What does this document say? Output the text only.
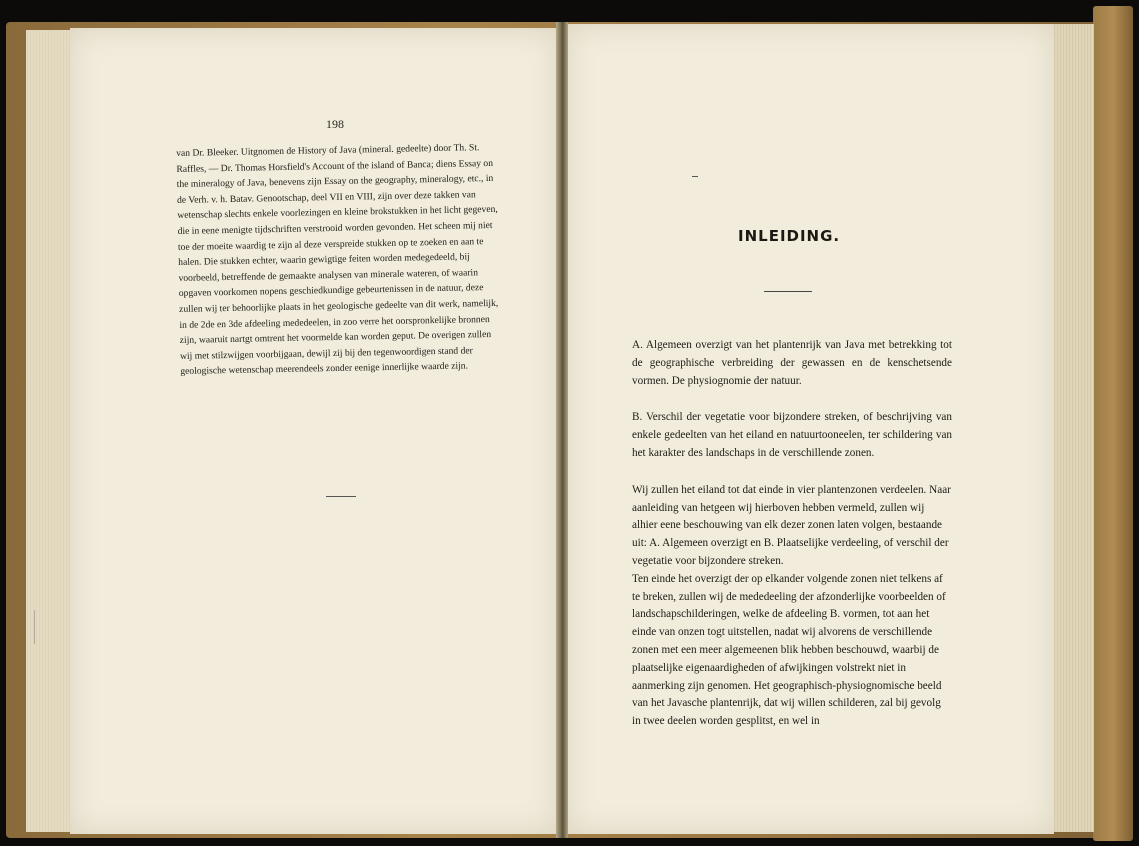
198

van Dr. Bleeker. Uitgnomen de History of Java (mineral. gedeelte) door Th. St. Raffles, — Dr. Thomas Horsfield's Account of the island of Banca; diens Essay on the mineralogy of Java, benevens zijn Essay on the geography, mineralogy, etc., in de Verh. v. h. Batav. Genootschap, deel VII en VIII, zijn over deze takken van wetenschap slechts enkele voorlezingen en kleine brokstukken in het licht gegeven, die in eene menigte tijdschriften verstrooid worden gevonden. Het scheen mij niet toe der moeite waardig te zijn al deze verspreide stukken op te zoeken en aan te halen. Die stukken echter, waarin gewigtige feiten worden medegedeeld, bij voorbeeld, betreffende de gemaakte analysen van minerale wateren, of waarin opgaven voorkomen nopens geschiedkundige gebeurtenissen in de natuur, deze zullen wij ter behoorlijke plaats in het geologische gedeelte van dit werk, namelijk, in de 2de en 3de afdeeling mededeelen, in zoo verre het oorspronkelijke bronnen zijn, waaruit nartgt omtrent het voormelde kan worden geput. De overigen zullen wij met stilzwijgen voorbijgaan, dewijl zij bij den tegenwoordigen stand der geologische wetenschap meerendeels zonder eenige innerlijke waarde zijn.

INLEIDING.

A. Algemeen overzigt van het plantenrijk van Java met betrekking tot de geographische verbreiding der gewassen en de kenschetsende vormen. De physiognomie der natuur.

B. Verschil der vegetatie voor bijzondere streken, of beschrijving van enkele gedeelten van het eiland en natuurtooneelen, ter schildering van het karakter des landschaps in de verschillende zonen.

Wij zullen het eiland tot dat einde in vier plantenzonen verdeelen. Naar aanleiding van hetgeen wij hierboven hebben vermeld, zullen wij alhier eene beschouwing van elk dezer zonen laten volgen, bestaande uit: A. Algemeen overzigt en B. Plaatselijke verdeeling, of verschil der vegetatie voor bijzondere streken.

Ten einde het overzigt der op elkander volgende zonen niet telkens af te breken, zullen wij de mededeeling der afzonderlijke voorbeelden of landschapschilderingen, welke de afdeeling B. vormen, tot aan het einde van onzen togt uitstellen, nadat wij alvorens de verschillende zonen met een meer algemeenen blik hebben beschouwd, waarbij de plaatselijke eigenaardigheden of afwijkingen volstrekt niet in aanmerking zijn genomen. Het geographisch-physiognomische beeld van het Javasche plantenrijk, dat wij willen schilderen, zal bij gevolg in twee deelen worden gesplitst, en wel in
